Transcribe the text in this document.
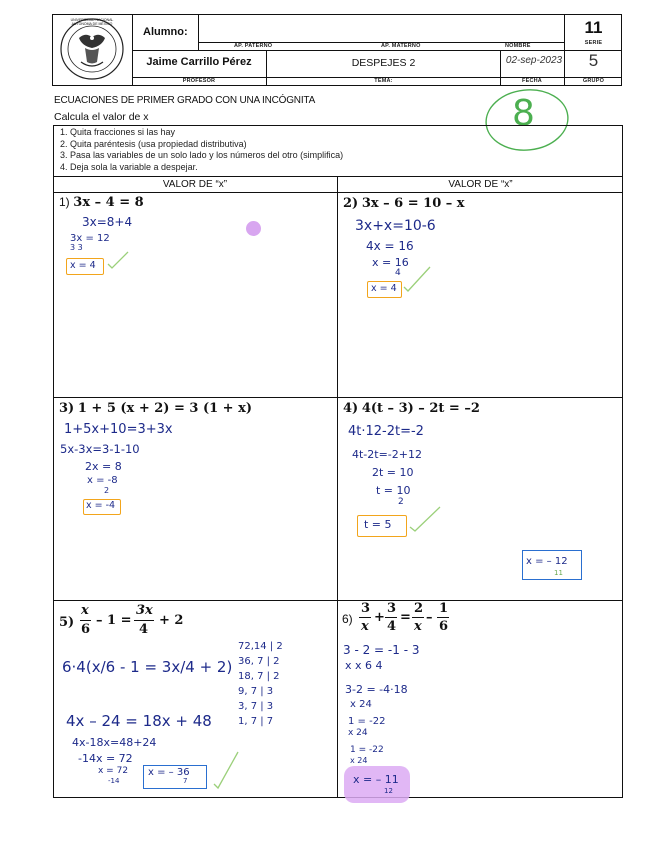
UNIVERSIDAD NACIONAL AUTÓNOMA DE MÉXICO
Alumno:
AP. PATERNO	AP. MATERNO	NOMBRE
11
SERIE
Jaime Carrillo Pérez	DESPEJES 2	02-sep-2023	5
PROFESOR	TEMA:	FECHA	GRUPO
ECUACIONES DE PRIMER GRADO CON UNA INCÓGNITA
Calcula el valor de x	8
1. Quita fracciones si las hay
2. Quita paréntesis (usa propiedad distributiva)
3. Pasa las variables de un solo lado y los números del otro (simplifica)
4. Deja sola la variable a despejar.
VALOR DE “x”	VALOR DE “x”
1) 3x – 4 = 8
3x=8+4
3x = 12
3 3
x = 4
2) 3x – 6 = 10 – x
3x+x=10-6
4x = 16
x = 16
4
x = 4
3) 1 + 5 (x + 2) = 3 (1 + x)
1+5x+10=3+3x
5x-3x=3-1-10
2x = 8
x = -8
2
x = -4
4) 4(t – 3) – 2t = –2
4t·12-2t=-2
4t-2t=-2+12
2t = 10
t = 10
2
t = 5
x = – 12
11
5)
x
6
– 1 =
3x
4
+ 2
6·4(x/6 - 1 = 3x/4 + 2)
4x – 24 = 18x + 48
4x-18x=48+24
-14x = 72
x = 72
-14
x = – 36
7
72,14 | 2
36, 7 | 2
18, 7 | 2
9, 7 | 3
3, 7 | 3
1, 7 | 7
6)
3
x
+
3
4
=
2
x
–
1
6
3 - 2 = -1 - 3
x x 6 4
3-2 = -4·18
x 24
1 = -22
x 24
1 = -22
x 24
x = – 11
12
